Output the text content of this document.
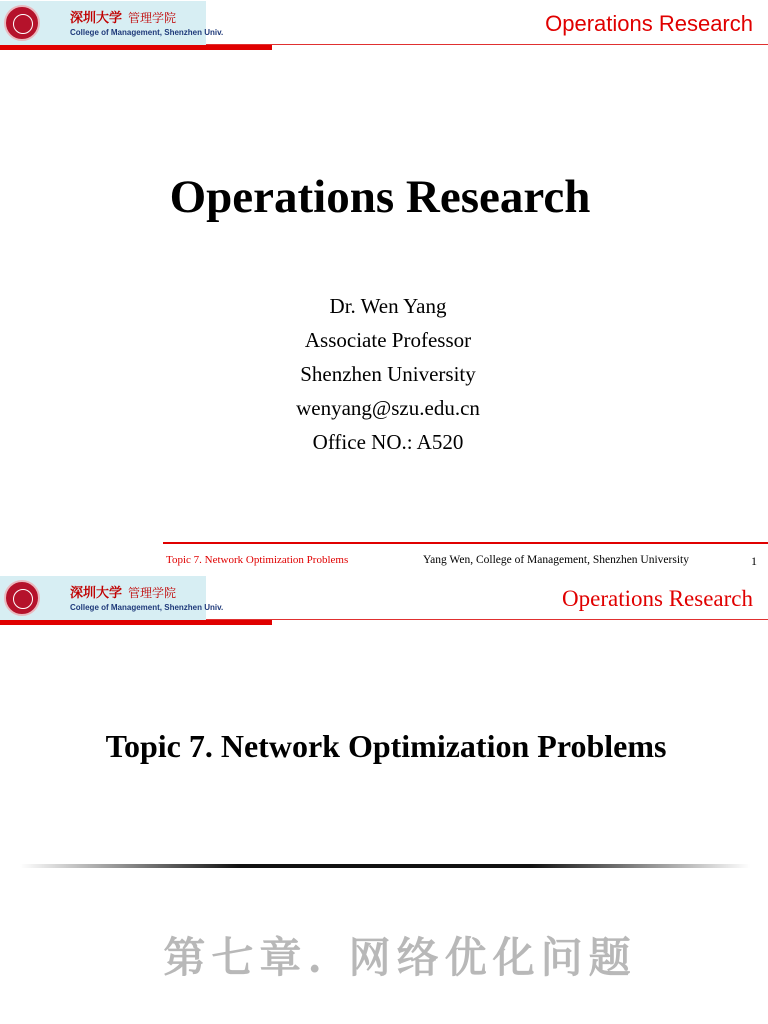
深圳大学 管理学院
College of Management, Shenzhen Univ.	Operations Research
Operations Research
Dr. Wen Yang
Associate Professor
Shenzhen University
wenyang@szu.edu.cn
Office NO.: A520
Topic 7. Network Optimization Problems	Yang Wen, College of Management, Shenzhen University	1
深圳大学 管理学院
College of Management, Shenzhen Univ.	Operations Research
Topic 7. Network Optimization Problems
第七章. 网络优化问题
